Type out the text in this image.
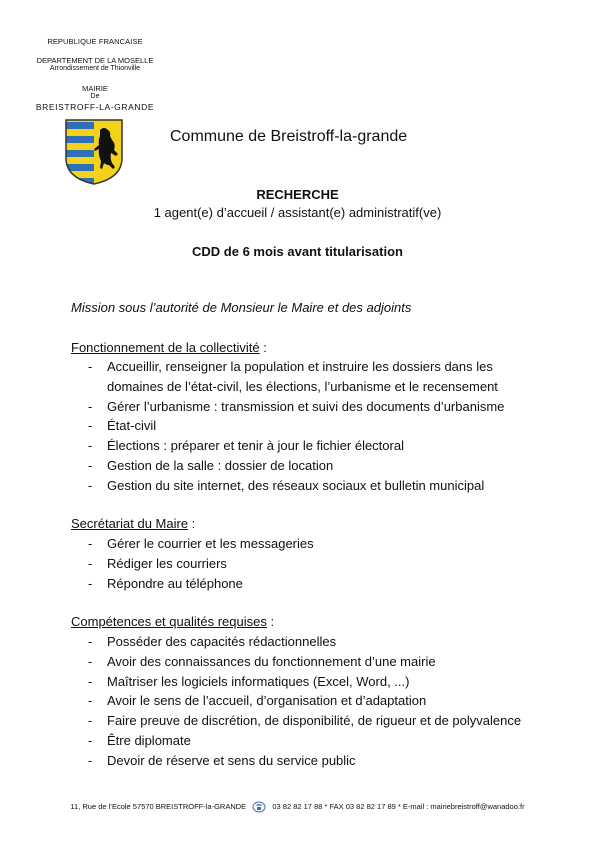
REPUBLIQUE FRANCAISE
DEPARTEMENT DE LA MOSELLE
Arrondissement de Thionville
MAIRIE
De
BREISTROFF-LA-GRANDE
Commune de Breistroff-la-grande
RECHERCHE
1 agent(e) d’accueil / assistant(e) administratif(ve)
CDD de 6 mois avant titularisation
Mission sous l’autorité de Monsieur le Maire et des adjoints
Fonctionnement de la collectivité :
- Accueillir, renseigner la population et instruire les dossiers dans les
domaines de l’état-civil, les élections, l’urbanisme et le recensement
- Gérer l’urbanisme : transmission et suivi des documents d’urbanisme
- État-civil
- Élections : préparer et tenir à jour le fichier électoral
- Gestion de la salle : dossier de location
- Gestion du site internet, des réseaux sociaux et bulletin municipal
Secrétariat du Maire :
- Gérer le courrier et les messageries
- Rédiger les courriers
- Répondre au téléphone
Compétences et qualités requises :
- Posséder des capacités rédactionnelles
- Avoir des connaissances du fonctionnement d’une mairie
- Maîtriser les logiciels informatiques (Excel, Word, ...)
- Avoir le sens de l’accueil, d’organisation et d’adaptation
- Faire preuve de discrétion, de disponibilité, de rigueur et de polyvalence
- Être diplomate
- Devoir de réserve et sens du service public
11, Rue de l’Ecole 57570 BREISTROFF-la-GRANDE	03 82 82 17 88 * FAX 03 82 82 17 89 * E-mail : mairiebreistroff@wanadoo.fr
